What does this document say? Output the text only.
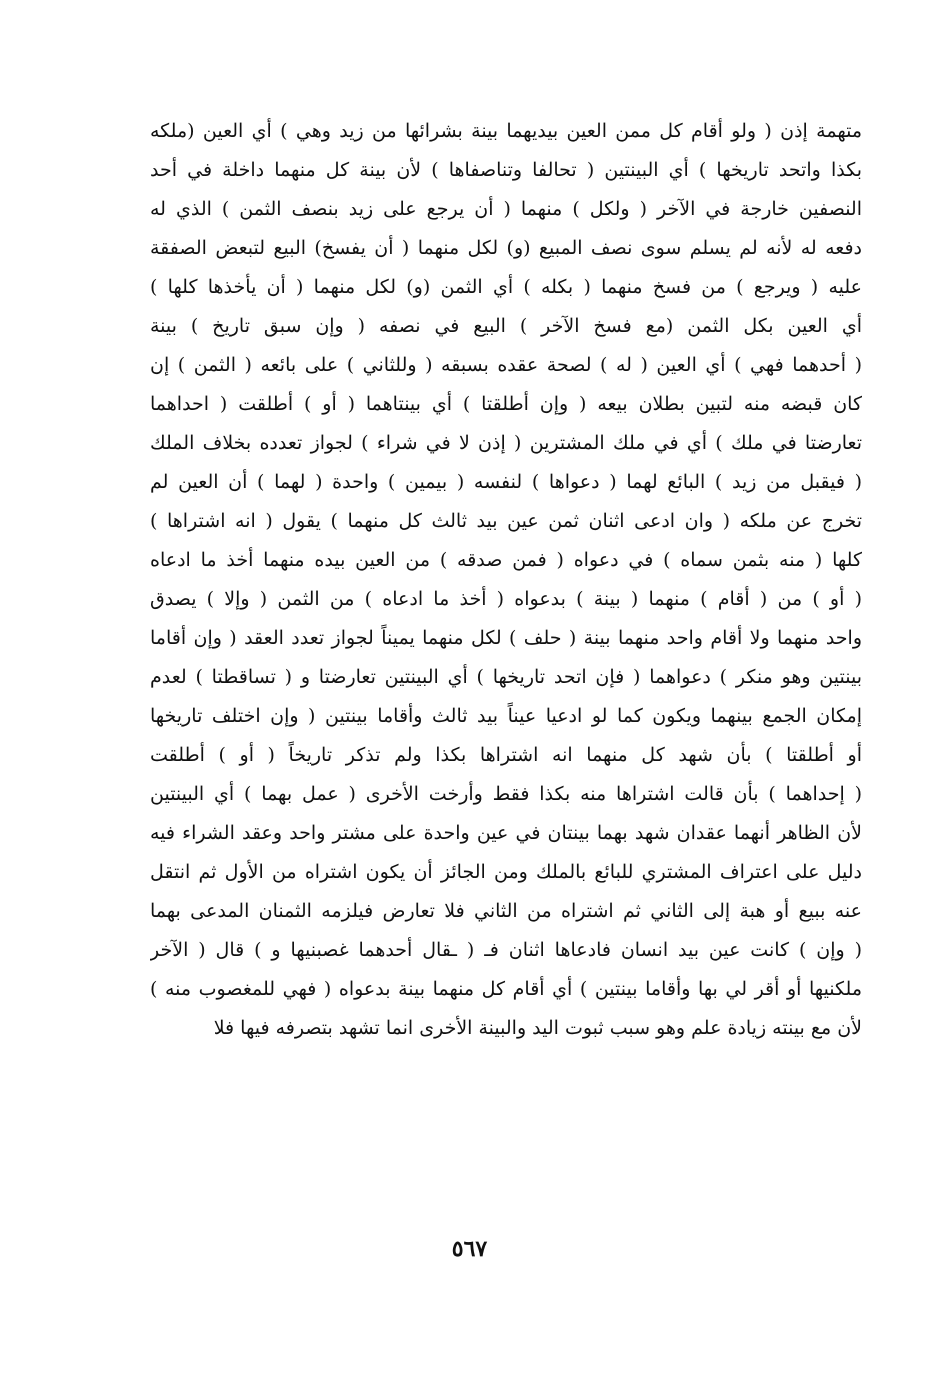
متهمة إذن ( ولو أقام كل ممن العين بيديهما بينة بشرائها من زيد وهي ) أي العين (ملكه
بكذا واتحد تاريخها ) أي البينتين ( تحالفا وتناصفاها ) لأن بينة كل منهما داخلة في أحد
النصفين خارجة في الآخر ( ولكل ) منهما ( أن يرجع على زيد بنصف الثمن ) الذي له
دفعه له لأنه لم يسلم سوى نصف المبيع (و) لكل منهما ( أن يفسخ) البيع لتبعض الصفقة
عليه ( ويرجع ) من فسخ منهما ( بكله ) أي الثمن (و) لكل منهما ( أن يأخذها كلها )
أي العين بكل الثمن (مع فسخ الآخر ) البيع في نصفه ( وإن سبق تاريخ ) بينة
( أحدهما فهي ) أي العين ( له ) لصحة عقده بسبقه ( وللثاني ) على بائعه ( الثمن ) إن
كان قبضه منه لتبين بطلان بيعه ( وإن أطلقتا ) أي بينتاهما ( أو ) أطلقت ( احداهما
تعارضتا في ملك ) أي في ملك المشترين ( إذن لا في شراء ) لجواز تعدده بخلاف الملك
( فيقبل من زيد ) البائع لهما ( دعواها ) لنفسه ( بيمين ) واحدة ( لهما ) أن العين لم
تخرج عن ملكه ( وان ادعى اثنان ثمن عين بيد ثالث كل منهما ) يقول ( انه اشتراها )
كلها ( منه بثمن سماه ) في دعواه ( فمن صدقه ) من العين بيده منهما أخذ ما ادعاه
( أو ) من ( أقام ) منهما ( بينة ) بدعواه ( أخذ ما ادعاه ) من الثمن ( وإلا ) يصدق
واحد منهما ولا أقام واحد منهما بينة ( حلف ) لكل منهما يميناً لجواز تعدد العقد ( وإن أقاما
بينتين وهو منكر ) دعواهما ( فإن اتحد تاريخها ) أي البينتين تعارضتا و ( تساقطتا ) لعدم
إمكان الجمع بينهما ويكون كما لو ادعيا عيناً بيد ثالث وأقاما بينتين ( وإن اختلف تاريخها
أو أطلقتا ) بأن شهد كل منهما انه اشتراها بكذا ولم تذكر تاريخاً ( أو ) أطلقت
( إحداهما ) بأن قالت اشتراها منه بكذا فقط وأرخت الأخرى ( عمل بهما ) أي البينتين
لأن الظاهر أنهما عقدان شهد بهما بينتان في عين واحدة على مشتر واحد وعقد الشراء فيه
دليل على اعتراف المشتري للبائع بالملك ومن الجائز أن يكون اشتراه من الأول ثم انتقل
عنه ببيع أو هبة إلى الثاني ثم اشتراه من الثاني فلا تعارض فيلزمه الثمنان المدعى بهما
( وإن ) كانت عين بيد انسان فادعاها اثنان فـ ( ـقال أحدهما غصبنيها و ) قال ( الآخر
ملكنيها أو أقر لي بها وأقاما بينتين ) أي أقام كل منهما بينة بدعواه ( فهي للمغصوب منه )
لأن مع بينته زيادة علم وهو سبب ثبوت اليد والبينة الأخرى انما تشهد بتصرفه فيها فلا
٥٦٧
